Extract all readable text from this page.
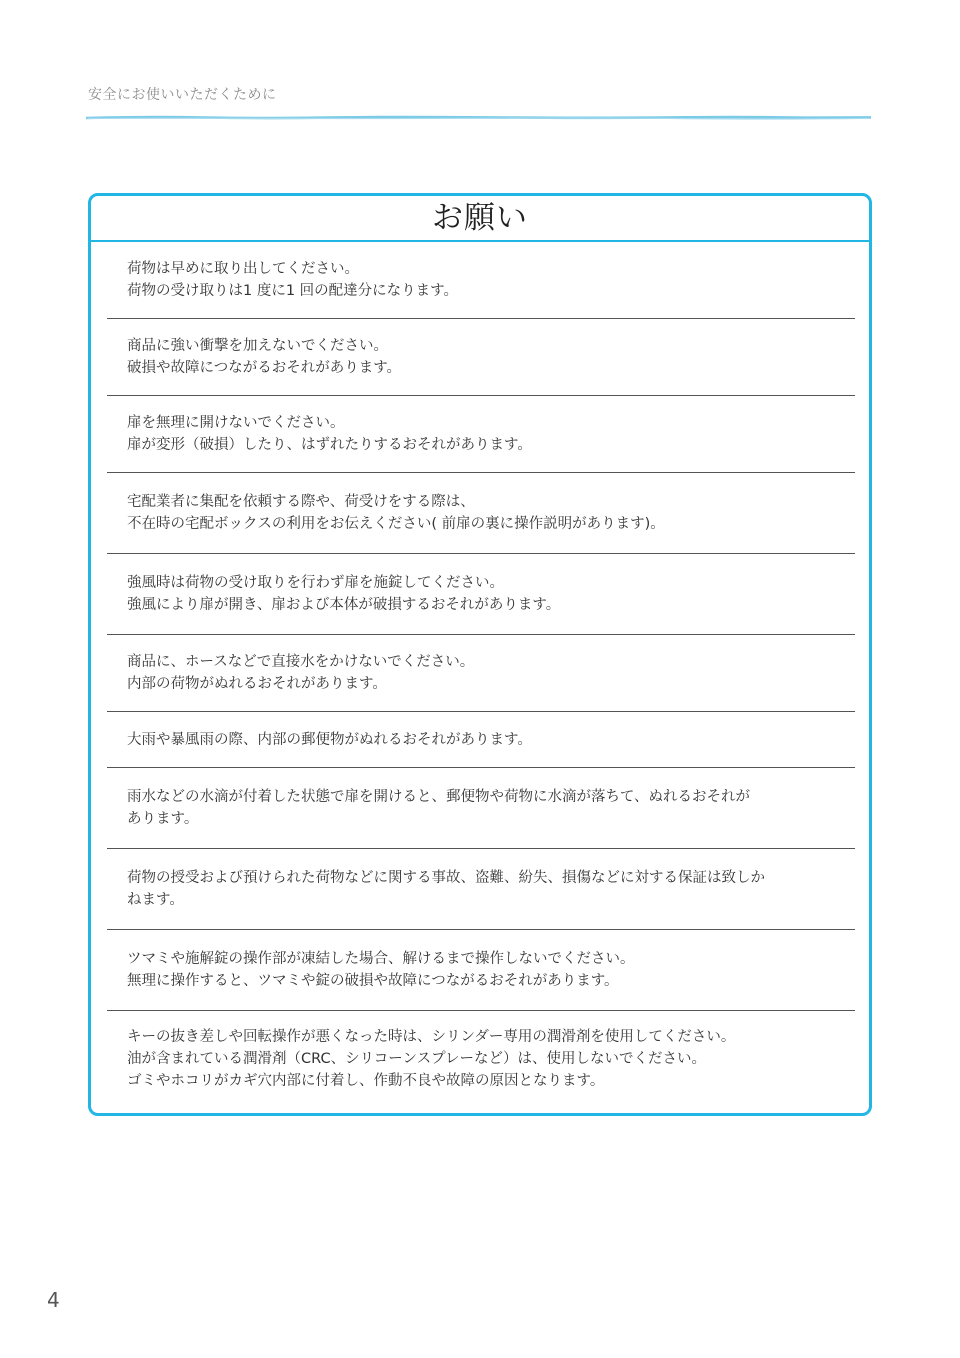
安全にお使いいただくために
お願い
荷物は早めに取り出してください。
荷物の受け取りは1 度に1 回の配達分になります。
商品に強い衝撃を加えないでください。
破損や故障につながるおそれがあります。
扉を無理に開けないでください。
扉が変形（破損）したり、はずれたりするおそれがあります。
宅配業者に集配を依頼する際や、荷受けをする際は、
不在時の宅配ボックスの利用をお伝えください( 前扉の裏に操作説明があります)。
強風時は荷物の受け取りを行わず扉を施錠してください。
強風により扉が開き、扉および本体が破損するおそれがあります。
商品に、ホースなどで直接水をかけないでください。
内部の荷物がぬれるおそれがあります。
大雨や暴風雨の際、内部の郵便物がぬれるおそれがあります。
雨水などの水滴が付着した状態で扉を開けると、郵便物や荷物に水滴が落ちて、ぬれるおそれが
あります。
荷物の授受および預けられた荷物などに関する事故、盗難、紛失、損傷などに対する保証は致しか
ねます。
ツマミや施解錠の操作部が凍結した場合、解けるまで操作しないでください。
無理に操作すると、ツマミや錠の破損や故障につながるおそれがあります。
キーの抜き差しや回転操作が悪くなった時は、シリンダー専用の潤滑剤を使用してください。
油が含まれている潤滑剤（CRC、シリコーンスプレーなど）は、使用しないでください。
ゴミやホコリがカギ穴内部に付着し、作動不良や故障の原因となります。
4
